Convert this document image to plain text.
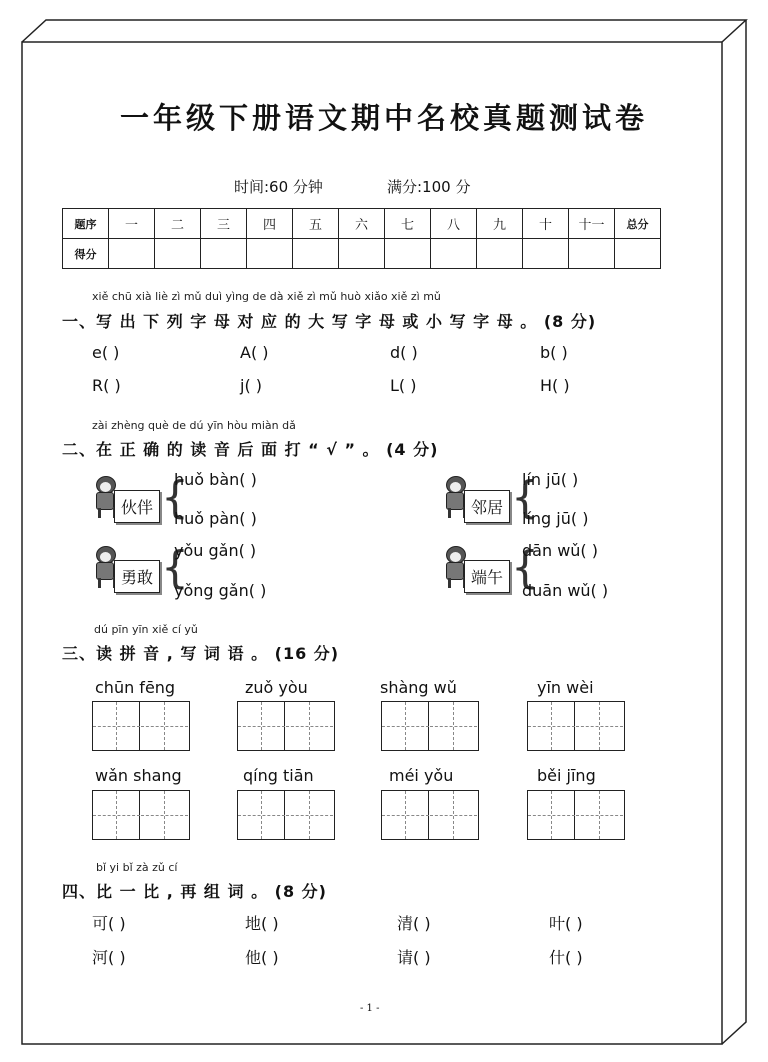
一年级下册语文期中名校真题测试卷
时间:60 分钟	满分:100 分
题序	一	二	三	四	五	六	七	八	九	十	十一	总分
得分												
xiě chū xià liè zì mǔ duì yìng de dà xiě zì mǔ huò xiǎo xiě zì mǔ
一、写 出 下 列 字 母 对 应 的 大 写 字 母 或 小 写 字 母 。 (8 分)
e( )	A( )	d( )	b( )
R( )	j( )	L( )	H( )
zài zhèng què de dú yīn hòu miàn dǎ
二、在 正 确 的 读 音 后 面 打 “ √ ” 。 (4 分)
伙伴 {
huǒ bàn( )
huǒ pàn( )
邻居 {
lín jū( )
líng jū( )
勇敢 {
yǒu gǎn( )
yǒng gǎn( )
端午 {
dān wǔ( )
duān wǔ( )
dú pīn yīn xiě cí yǔ
三、读 拼 音 , 写 词 语 。 (16 分)
chūn fēng	zuǒ yòu	shàng wǔ	yīn wèi
wǎn shang	qíng tiān	méi yǒu	běi jīng
bǐ yi bǐ zà zǔ cí
四、比 一 比 , 再 组 词 。 (8 分)
可( )	地( )	清( )	叶( )
河( )	他( )	请( )	什( )
- 1 -
